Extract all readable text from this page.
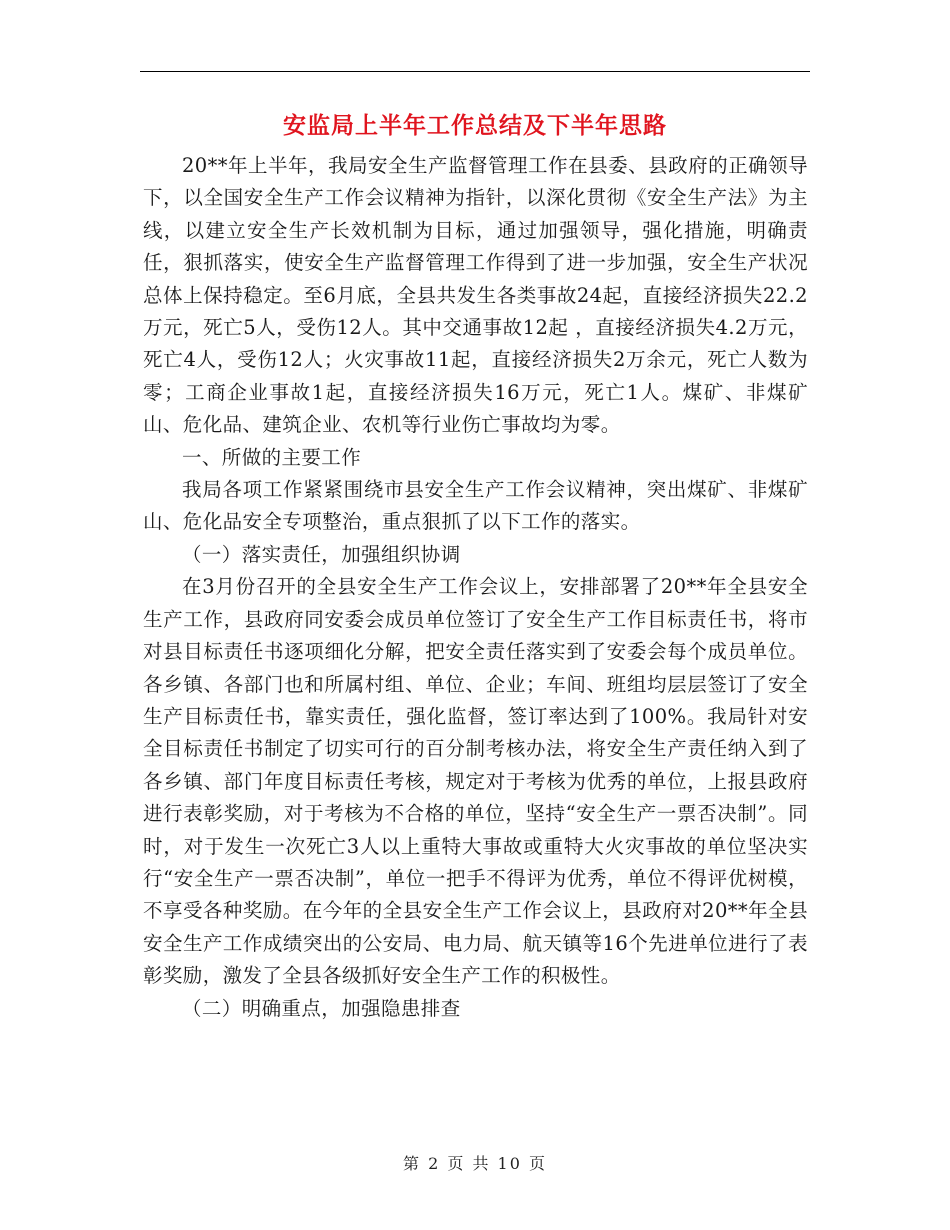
安监局上半年工作总结及下半年思路

20**年上半年，我局安全生产监督管理工作在县委、县政府的正确领导下，以全国安全生产工作会议精神为指针，以深化贯彻《安全生产法》为主线，以建立安全生产长效机制为目标，通过加强领导，强化措施，明确责任，狠抓落实，使安全生产监督管理工作得到了进一步加强，安全生产状况总体上保持稳定。至6月底，全县共发生各类事故24起，直接经济损失22.2万元，死亡5人，受伤12人。其中交通事故12起 ，直接经济损失4.2万元，死亡4人，受伤12人；火灾事故11起，直接经济损失2万余元，死亡人数为零；工商企业事故1起，直接经济损失16万元，死亡1人。煤矿、非煤矿山、危化品、建筑企业、农机等行业伤亡事故均为零。

一、所做的主要工作

我局各项工作紧紧围绕市县安全生产工作会议精神，突出煤矿、非煤矿山、危化品安全专项整治，重点狠抓了以下工作的落实。

（一）落实责任，加强组织协调

在3月份召开的全县安全生产工作会议上，安排部署了20**年全县安全生产工作，县政府同安委会成员单位签订了安全生产工作目标责任书，将市对县目标责任书逐项细化分解，把安全责任落实到了安委会每个成员单位。各乡镇、各部门也和所属村组、单位、企业；车间、班组均层层签订了安全生产目标责任书，靠实责任，强化监督，签订率达到了100%。我局针对安全目标责任书制定了切实可行的百分制考核办法，将安全生产责任纳入到了各乡镇、部门年度目标责任考核，规定对于考核为优秀的单位，上报县政府进行表彰奖励，对于考核为不合格的单位，坚持“安全生产一票否决制”。同时，对于发生一次死亡3人以上重特大事故或重特大火灾事故的单位坚决实行“安全生产一票否决制”，单位一把手不得评为优秀，单位不得评优树模，不享受各种奖励。在今年的全县安全生产工作会议上，县政府对20**年全县安全生产工作成绩突出的公安局、电力局、航天镇等16个先进单位进行了表彰奖励，激发了全县各级抓好安全生产工作的积极性。

（二）明确重点，加强隐患排查

第 2 页 共 10 页
